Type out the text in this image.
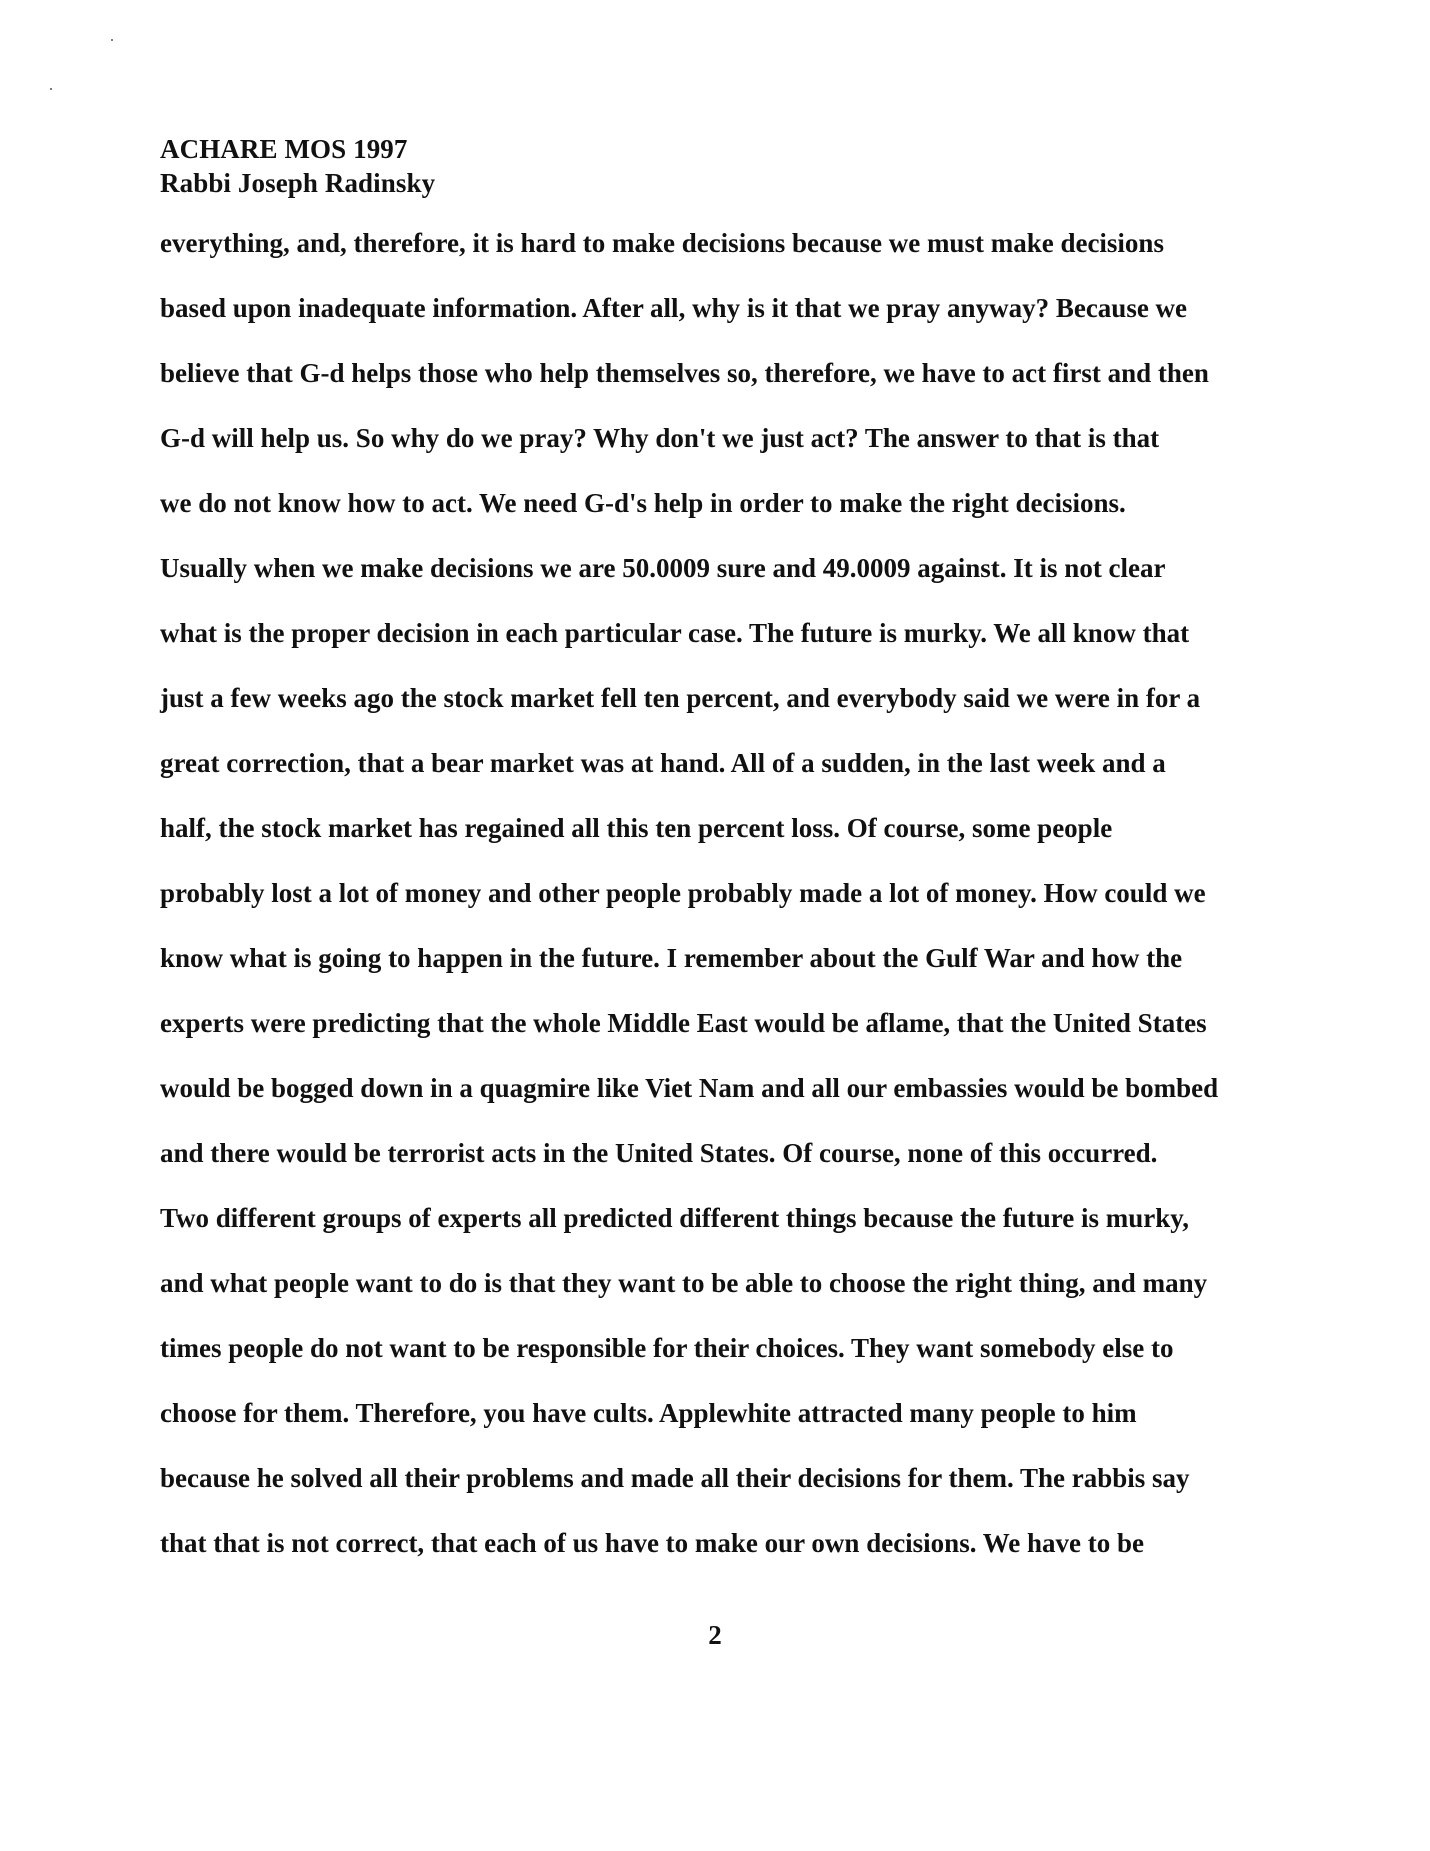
ACHARE MOS 1997
Rabbi Joseph Radinsky
everything, and, therefore, it is hard to make decisions because we must make decisions
based upon inadequate information. After all, why is it that we pray anyway? Because we
believe that G-d helps those who help themselves so, therefore, we have to act first and then
G-d will help us. So why do we pray? Why don't we just act? The answer to that is that
we do not know how to act. We need G-d's help in order to make the right decisions.
Usually when we make decisions we are 50.0009 sure and 49.0009 against. It is not clear
what is the proper decision in each particular case. The future is murky. We all know that
just a few weeks ago the stock market fell ten percent, and everybody said we were in for a
great correction, that a bear market was at hand. All of a sudden, in the last week and a
half, the stock market has regained all this ten percent loss. Of course, some people
probably lost a lot of money and other people probably made a lot of money. How could we
know what is going to happen in the future. I remember about the Gulf War and how the
experts were predicting that the whole Middle East would be aflame, that the United States
would be bogged down in a quagmire like Viet Nam and all our embassies would be bombed
and there would be terrorist acts in the United States. Of course, none of this occurred.
Two different groups of experts all predicted different things because the future is murky,
and what people want to do is that they want to be able to choose the right thing, and many
times people do not want to be responsible for their choices. They want somebody else to
choose for them. Therefore, you have cults. Applewhite attracted many people to him
because he solved all their problems and made all their decisions for them. The rabbis say
that that is not correct, that each of us have to make our own decisions. We have to be
2
